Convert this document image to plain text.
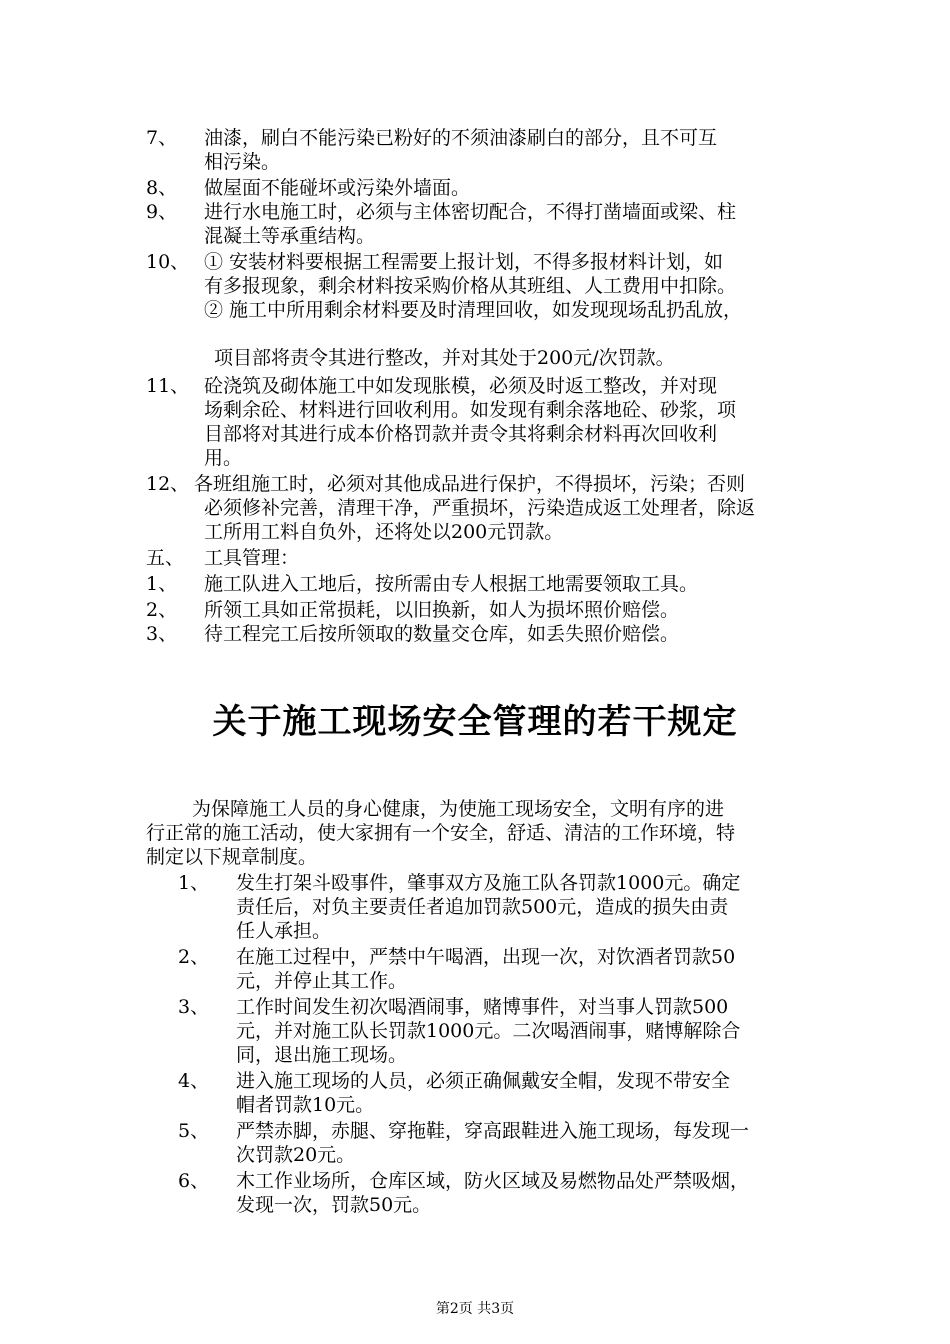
7、 油漆，刷白不能污染已粉好的不须油漆刷白的部分，且不可互
相污染。
8、 做屋面不能碰坏或污染外墙面。
9、 进行水电施工时，必须与主体密切配合，不得打凿墙面或梁、柱
混凝土等承重结构。
10、 ① 安装材料要根据工程需要上报计划，不得多报材料计划，如
有多报现象，剩余材料按采购价格从其班组、人工费用中扣除。
② 施工中所用剩余材料要及时清理回收，如发现现场乱扔乱放，
项目部将责令其进行整改，并对其处于200元/次罚款。
11、 砼浇筑及砌体施工中如发现胀模，必须及时返工整改，并对现
场剩余砼、材料进行回收利用。如发现有剩余落地砼、砂浆，项
目部将对其进行成本价格罚款并责令其将剩余材料再次回收利
用。
12、 各班组施工时，必须对其他成品进行保护，不得损坏，污染；否则
必须修补完善，清理干净，严重损坏，污染造成返工处理者，除返
工所用工料自负外，还将处以200元罚款。
五、 工具管理：
1、 施工队进入工地后，按所需由专人根据工地需要领取工具。
2、 所领工具如正常损耗，以旧换新，如人为损坏照价赔偿。
3、 待工程完工后按所领取的数量交仓库，如丢失照价赔偿。
关于施工现场安全管理的若干规定
为保障施工人员的身心健康，为使施工现场安全，文明有序的进
行正常的施工活动，使大家拥有一个安全，舒适、清洁的工作环境，特
制定以下规章制度。
1、 发生打架斗殴事件，肇事双方及施工队各罚款1000元。确定
责任后，对负主要责任者追加罚款500元，造成的损失由责
任人承担。
2、 在施工过程中，严禁中午喝酒，出现一次，对饮酒者罚款50
元，并停止其工作。
3、 工作时间发生初次喝酒闹事，赌博事件，对当事人罚款500
元，并对施工队长罚款1000元。二次喝酒闹事，赌博解除合
同，退出施工现场。
4、 进入施工现场的人员，必须正确佩戴安全帽，发现不带安全
帽者罚款10元。
5、 严禁赤脚，赤腿、穿拖鞋，穿高跟鞋进入施工现场，每发现一
次罚款20元。
6、 木工作业场所，仓库区域，防火区域及易燃物品处严禁吸烟，
发现一次，罚款50元。
第2页 共3页
